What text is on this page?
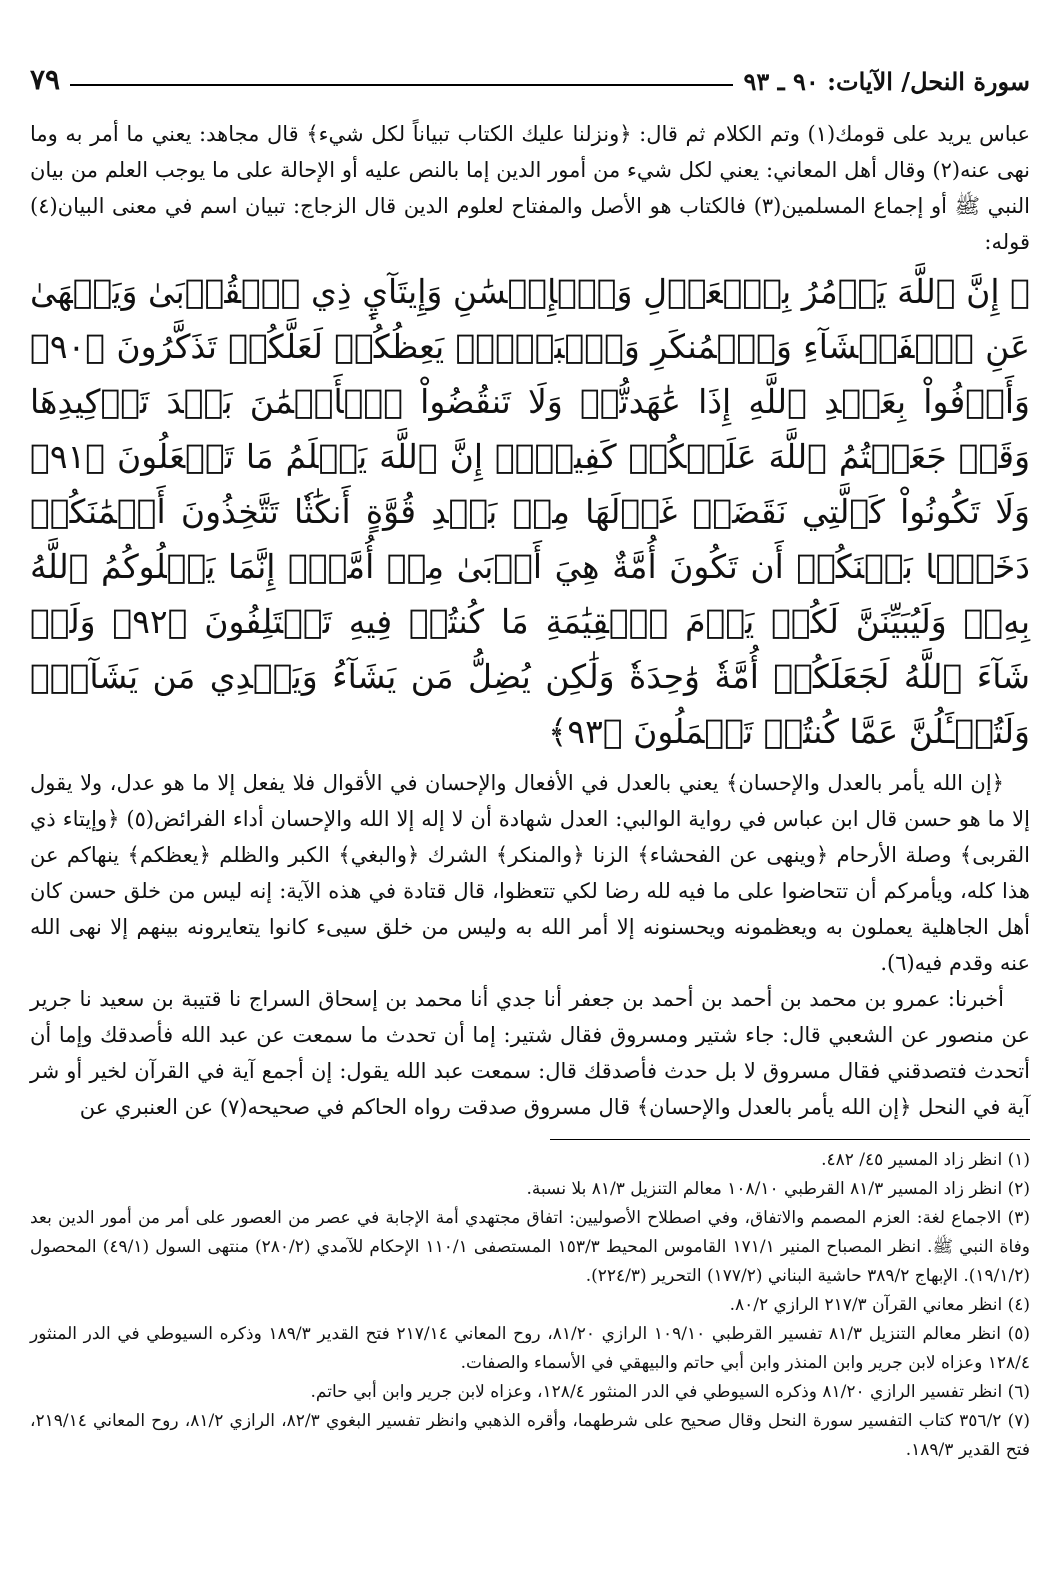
سورة النحل/ الآيات: ٩٠ ـ ٩٣
٧٩

عباس يريد على قومك(١) وتم الكلام ثم قال: ﴿ونزلنا عليك الكتاب تبياناً لكل شيء﴾ قال مجاهد: يعني ما أمر به وما نهى عنه(٢) وقال أهل المعاني: يعني لكل شيء من أمور الدين إما بالنص عليه أو الإحالة على ما يوجب العلم من بيان النبي ﷺ أو إجماع المسلمين(٣) فالكتاب هو الأصل والمفتاح لعلوم الدين قال الزجاج: تبيان اسم في معنى البيان(٤) قوله:

﴿ إِنَّ ٱللَّهَ يَأۡمُرُ بِٱلۡعَدۡلِ وَٱلۡإِحۡسَٰنِ وَإِيتَآيِٕ ذِي ٱلۡقُرۡبَىٰ وَيَنۡهَىٰ عَنِ ٱلۡفَحۡشَآءِ وَٱلۡمُنكَرِ وَٱلۡبَغۡيِۚ يَعِظُكُمۡ لَعَلَّكُمۡ تَذَكَّرُونَ ﴿٩٠﴾ وَأَوۡفُواْ بِعَهۡدِ ٱللَّهِ إِذَا عَٰهَدتُّمۡ وَلَا تَنقُضُواْ ٱلۡأَيۡمَٰنَ بَعۡدَ تَوۡكِيدِهَا وَقَدۡ جَعَلۡتُمُ ٱللَّهَ عَلَيۡكُمۡ كَفِيلًاۚ إِنَّ ٱللَّهَ يَعۡلَمُ مَا تَفۡعَلُونَ ﴿٩١﴾ وَلَا تَكُونُواْ كَٱلَّتِي نَقَضَتۡ غَزۡلَهَا مِنۢ بَعۡدِ قُوَّةٍ أَنكَٰثٗا تَتَّخِذُونَ أَيۡمَٰنَكُمۡ دَخَلَۢا بَيۡنَكُمۡ أَن تَكُونَ أُمَّةٌ هِيَ أَرۡبَىٰ مِنۡ أُمَّةٍۚ إِنَّمَا يَبۡلُوكُمُ ٱللَّهُ بِهِۦۚ وَلَيُبَيِّنَنَّ لَكُمۡ يَوۡمَ ٱلۡقِيَٰمَةِ مَا كُنتُمۡ فِيهِ تَخۡتَلِفُونَ ﴿٩٢﴾ وَلَوۡ شَآءَ ٱللَّهُ لَجَعَلَكُمۡ أُمَّةٗ وَٰحِدَةٗ وَلَٰكِن يُضِلُّ مَن يَشَآءُ وَيَهۡدِي مَن يَشَآءُۚ وَلَتُسۡـَٔلُنَّ عَمَّا كُنتُمۡ تَعۡمَلُونَ ﴿٩٣﴾

﴿إن الله يأمر بالعدل والإحسان﴾ يعني بالعدل في الأفعال والإحسان في الأقوال فلا يفعل إلا ما هو عدل، ولا يقول إلا ما هو حسن قال ابن عباس في رواية الوالبي: العدل شهادة أن لا إله إلا الله والإحسان أداء الفرائض(٥) ﴿وإيتاء ذي القربى﴾ وصلة الأرحام ﴿وينهى عن الفحشاء﴾ الزنا ﴿والمنكر﴾ الشرك ﴿والبغي﴾ الكبر والظلم ﴿يعظكم﴾ ينهاكم عن هذا كله، ويأمركم أن تتحاضوا على ما فيه لله رضا لكي تتعظوا، قال قتادة في هذه الآية: إنه ليس من خلق حسن كان أهل الجاهلية يعملون به ويعظمونه ويحسنونه إلا أمر الله به وليس من خلق سيىء كانوا يتعايرونه بينهم إلا نهى الله عنه وقدم فيه(٦).

أخبرنا: عمرو بن محمد بن أحمد بن أحمد بن جعفر أنا جدي أنا محمد بن إسحاق السراج نا قتيبة بن سعيد نا جرير عن منصور عن الشعبي قال: جاء شتير ومسروق فقال شتير: إما أن تحدث ما سمعت عن عبد الله فأصدقك وإما أن أتحدث فتصدقني فقال مسروق لا بل حدث فأصدقك قال: سمعت عبد الله يقول: إن أجمع آية في القرآن لخير أو شر آية في النحل ﴿إن الله يأمر بالعدل والإحسان﴾ قال مسروق صدقت رواه الحاكم في صحيحه(٧) عن العنبري عن

(١) انظر زاد المسير ٤٥/ ٤٨٢.
(٢) انظر زاد المسير ٨١/٣ القرطبي ١٠٨/١٠ معالم التنزيل ٨١/٣ بلا نسبة.
(٣) الاجماع لغة: العزم المصمم والاتفاق، وفي اصطلاح الأصوليين: اتفاق مجتهدي أمة الإجابة في عصر من العصور على أمر من أمور الدين بعد وفاة النبي ﷺ. انظر المصباح المنير ١٧١/١ القاموس المحيط ١٥٣/٣ المستصفى ١١٠/١ الإحكام للآمدي (٢٨٠/٢) منتهى السول (٤٩/١) المحصول (١٩/١/٢). الإبهاج ٣٨٩/٢ حاشية البناني (١٧٧/٢) التحرير (٢٢٤/٣).
(٤) انظر معاني القرآن ٢١٧/٣ الرازي ٨٠/٢.
(٥) انظر معالم التنزيل ٨١/٣ تفسير القرطبي ١٠٩/١٠ الرازي ٨١/٢٠، روح المعاني ٢١٧/١٤ فتح القدير ١٨٩/٣ وذكره السيوطي في الدر المنثور ١٢٨/٤ وعزاه لابن جرير وابن المنذر وابن أبي حاتم والبيهقي في الأسماء والصفات.
(٦) انظر تفسير الرازي ٨١/٢٠ وذكره السيوطي في الدر المنثور ١٢٨/٤، وعزاه لابن جرير وابن أبي حاتم.
(٧) ٣٥٦/٢ كتاب التفسير سورة النحل وقال صحيح على شرطهما، وأقره الذهبي وانظر تفسير البغوي ٨٢/٣، الرازي ٨١/٢، روح المعاني ٢١٩/١٤، فتح القدير ١٨٩/٣.
